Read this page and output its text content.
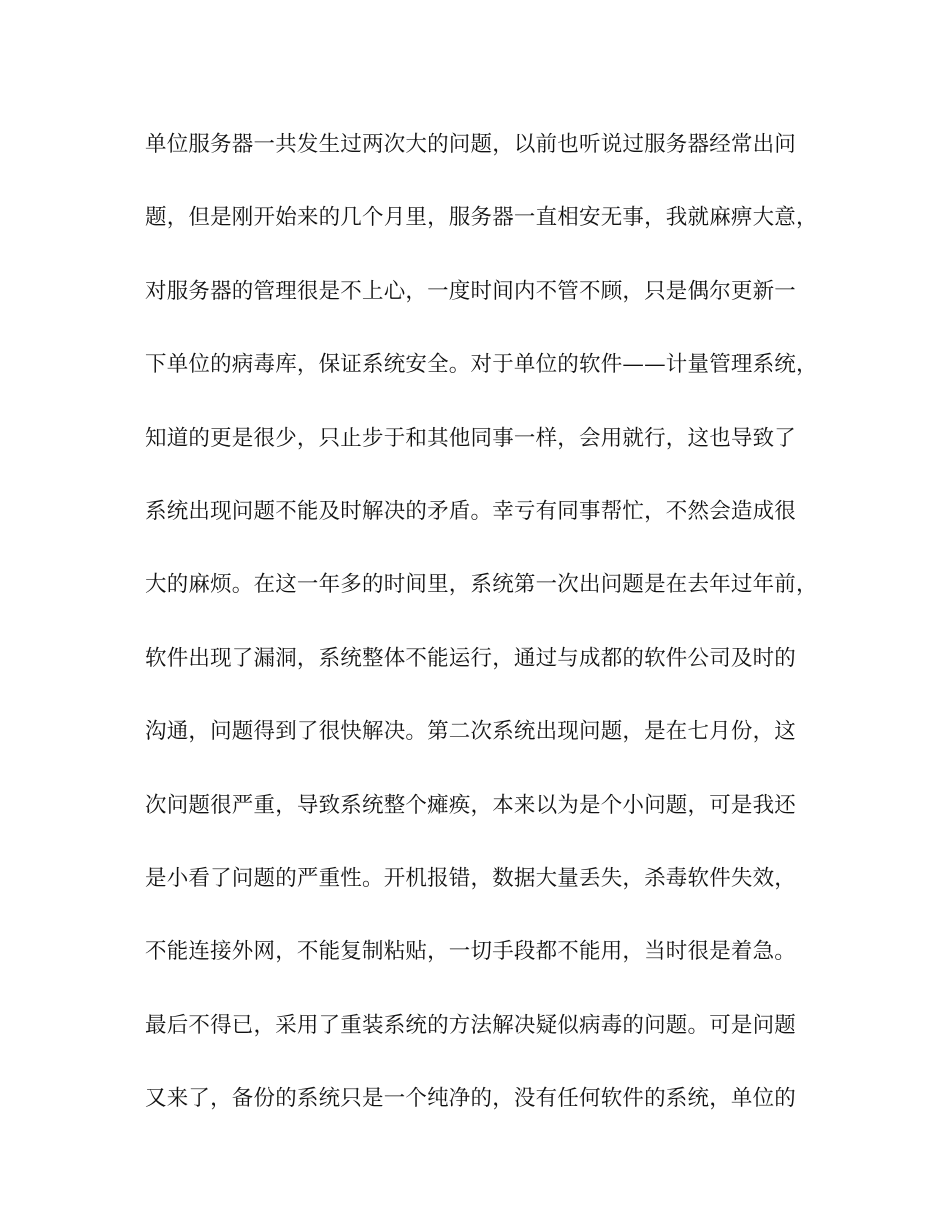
单位服务器一共发生过两次大的问题，以前也听说过服务器经常出问
题，但是刚开始来的几个月里，服务器一直相安无事，我就麻痹大意，
对服务器的管理很是不上心，一度时间内不管不顾，只是偶尔更新一
下单位的病毒库，保证系统安全。对于单位的软件——计量管理系统，
知道的更是很少，只止步于和其他同事一样，会用就行，这也导致了
系统出现问题不能及时解决的矛盾。幸亏有同事帮忙，不然会造成很
大的麻烦。在这一年多的时间里，系统第一次出问题是在去年过年前，
软件出现了漏洞，系统整体不能运行，通过与成都的软件公司及时的
沟通，问题得到了很快解决。第二次系统出现问题，是在七月份，这
次问题很严重，导致系统整个瘫痪，本来以为是个小问题，可是我还
是小看了问题的严重性。开机报错，数据大量丢失，杀毒软件失效，
不能连接外网，不能复制粘贴，一切手段都不能用，当时很是着急。
最后不得已，采用了重装系统的方法解决疑似病毒的问题。可是问题
又来了，备份的系统只是一个纯净的，没有任何软件的系统，单位的
